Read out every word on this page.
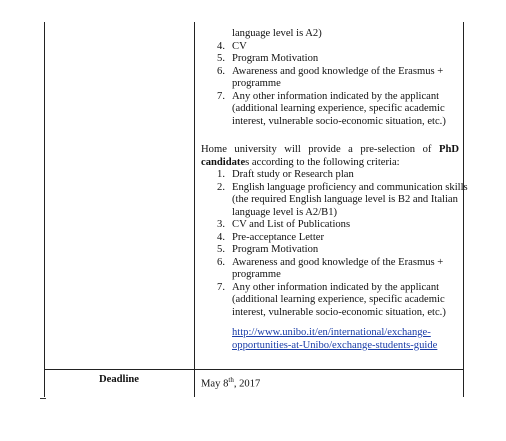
language level is A2)
4. CV
5. Program Motivation
6. Awareness and good knowledge of the Erasmus +
programme
7. Any other information indicated by the applicant
(additional learning experience, specific academic
interest, vulnerable socio-economic situation, etc.)
Home university will provide a pre-selection of PhD
candidates according to the following criteria:
1. Draft study or Research plan
2. English language proficiency and communication skills
(the required English language level is B2 and Italian
language level is A2/B1)
3. CV and List of Publications
4. Pre-acceptance Letter
5. Program Motivation
6. Awareness and good knowledge of the Erasmus +
programme
7. Any other information indicated by the applicant
(additional learning experience, specific academic
interest, vulnerable socio-economic situation, etc.)
http://www.unibo.it/en/international/exchange-
opportunities-at-Unibo/exchange-students-guide
Deadline	May 8th, 2017
